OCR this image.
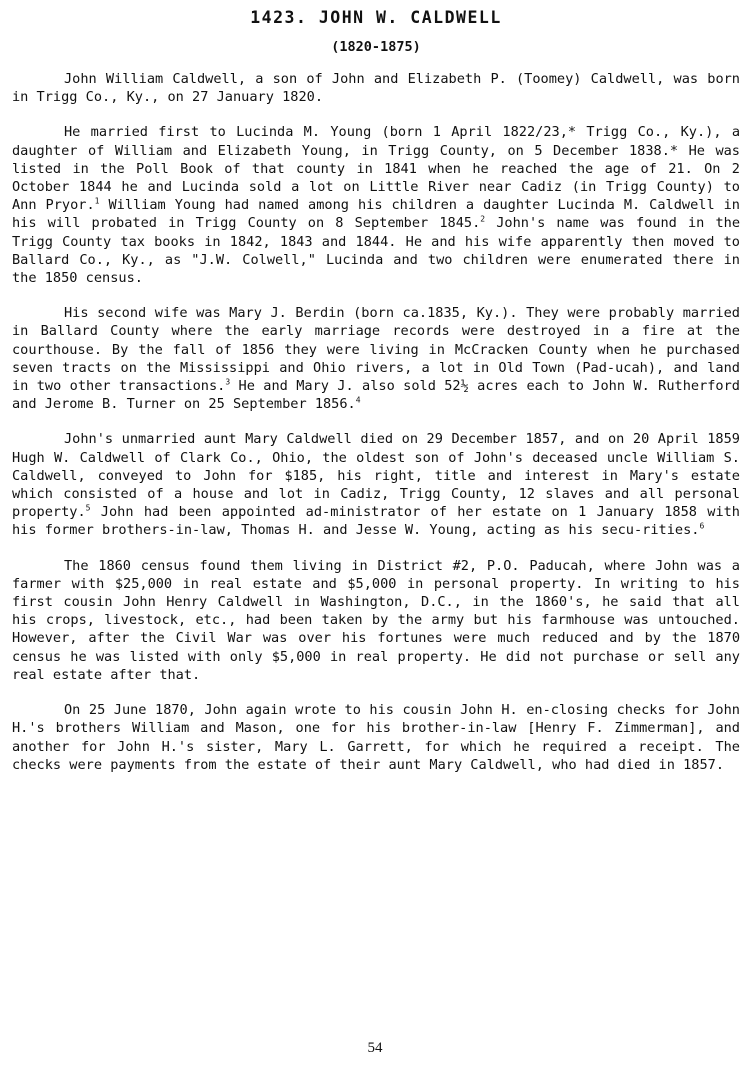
1423. JOHN W. CALDWELL
(1820-1875)

John William Caldwell, a son of John and Elizabeth P. (Toomey) Caldwell, was born in Trigg Co., Ky., on 27 January 1820.

He married first to Lucinda M. Young (born 1 April 1822/23,* Trigg Co., Ky.), a daughter of William and Elizabeth Young, in Trigg County, on 5 December 1838.* He was listed in the Poll Book of that county in 1841 when he reached the age of 21. On 2 October 1844 he and Lucinda sold a lot on Little River near Cadiz (in Trigg County) to Ann Pryor.$^1$ William Young had named among his children a daughter Lucinda M. Caldwell in his will probated in Trigg County on 8 September 1845.$^2$ John's name was found in the Trigg County tax books in 1842, 1843 and 1844. He and his wife apparently then moved to Ballard Co., Ky., as "J.W. Colwell," Lucinda and two children were enumerated there in the 1850 census.

His second wife was Mary J. Berdin (born ca.1835, Ky.). They were probably married in Ballard County where the early marriage records were destroyed in a fire at the courthouse. By the fall of 1856 they were living in McCracken County when he purchased seven tracts on the Mississippi and Ohio rivers, a lot in Old Town (Pad-ucah), and land in two other transactions.$^3$ He and Mary J. also sold 52½ acres each to John W. Rutherford and Jerome B. Turner on 25 September 1856.$^4$

John's unmarried aunt Mary Caldwell died on 29 December 1857, and on 20 April 1859 Hugh W. Caldwell of Clark Co., Ohio, the oldest son of John's deceased uncle William S. Caldwell, conveyed to John for $185, his right, title and interest in Mary's estate which consisted of a house and lot in Cadiz, Trigg County, 12 slaves and all personal property.$^5$ John had been appointed ad-ministrator of her estate on 1 January 1858 with his former brothers-in-law, Thomas H. and Jesse W. Young, acting as his secu-rities.$^6$

The 1860 census found them living in District #2, P.O. Paducah, where John was a farmer with $25,000 in real estate and $5,000 in personal property. In writing to his first cousin John Henry Caldwell in Washington, D.C., in the 1860's, he said that all his crops, livestock, etc., had been taken by the army but his farmhouse was untouched. However, after the Civil War was over his fortunes were much reduced and by the 1870 census he was listed with only $5,000 in real property. He did not purchase or sell any real estate after that.

On 25 June 1870, John again wrote to his cousin John H. en-closing checks for John H.'s brothers William and Mason, one for his brother-in-law [Henry F. Zimmerman], and another for John H.'s sister, Mary L. Garrett, for which he required a receipt. The checks were payments from the estate of their aunt Mary Caldwell, who had died in 1857.

54
